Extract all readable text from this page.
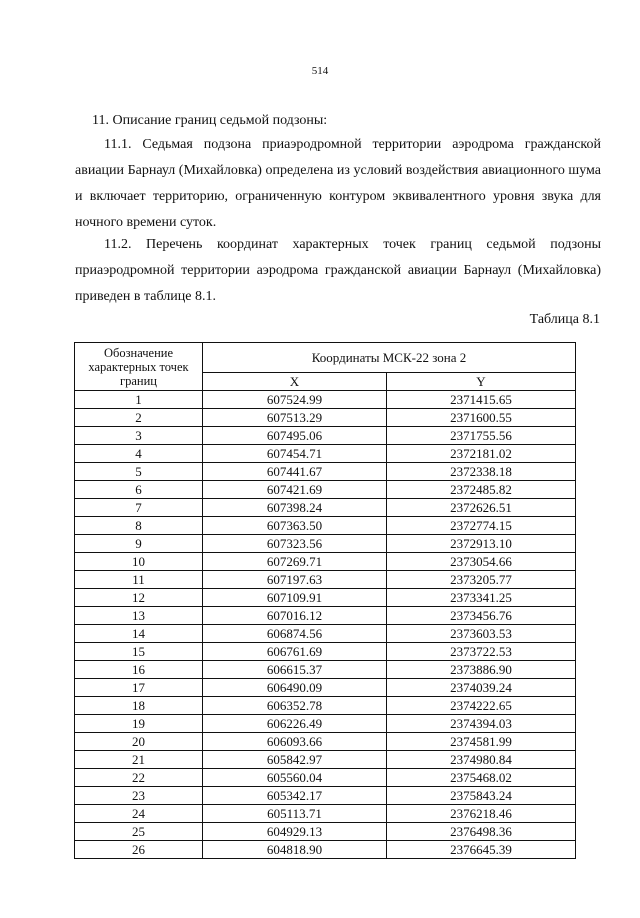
514

11. Описание границ седьмой подзоны:

11.1. Седьмая подзона приаэродромной территории аэродрома гражданской авиации Барнаул (Михайловка) определена из условий воздействия авиационного шума и включает территорию, ограниченную контуром эквивалентного уровня звука для ночного времени суток.

11.2. Перечень координат характерных точек границ седьмой подзоны приаэродромной территории аэродрома гражданской авиации Барнаул (Михайловка) приведен в таблице 8.1.

Таблица 8.1
Обозначение характерных точек границ	Координаты МСК-22 зона 2	
	X	Y
1	607524.99	2371415.65
2	607513.29	2371600.55
3	607495.06	2371755.56
4	607454.71	2372181.02
5	607441.67	2372338.18
6	607421.69	2372485.82
7	607398.24	2372626.51
8	607363.50	2372774.15
9	607323.56	2372913.10
10	607269.71	2373054.66
11	607197.63	2373205.77
12	607109.91	2373341.25
13	607016.12	2373456.76
14	606874.56	2373603.53
15	606761.69	2373722.53
16	606615.37	2373886.90
17	606490.09	2374039.24
18	606352.78	2374222.65
19	606226.49	2374394.03
20	606093.66	2374581.99
21	605842.97	2374980.84
22	605560.04	2375468.02
23	605342.17	2375843.24
24	605113.71	2376218.46
25	604929.13	2376498.36
26	604818.90	2376645.39
